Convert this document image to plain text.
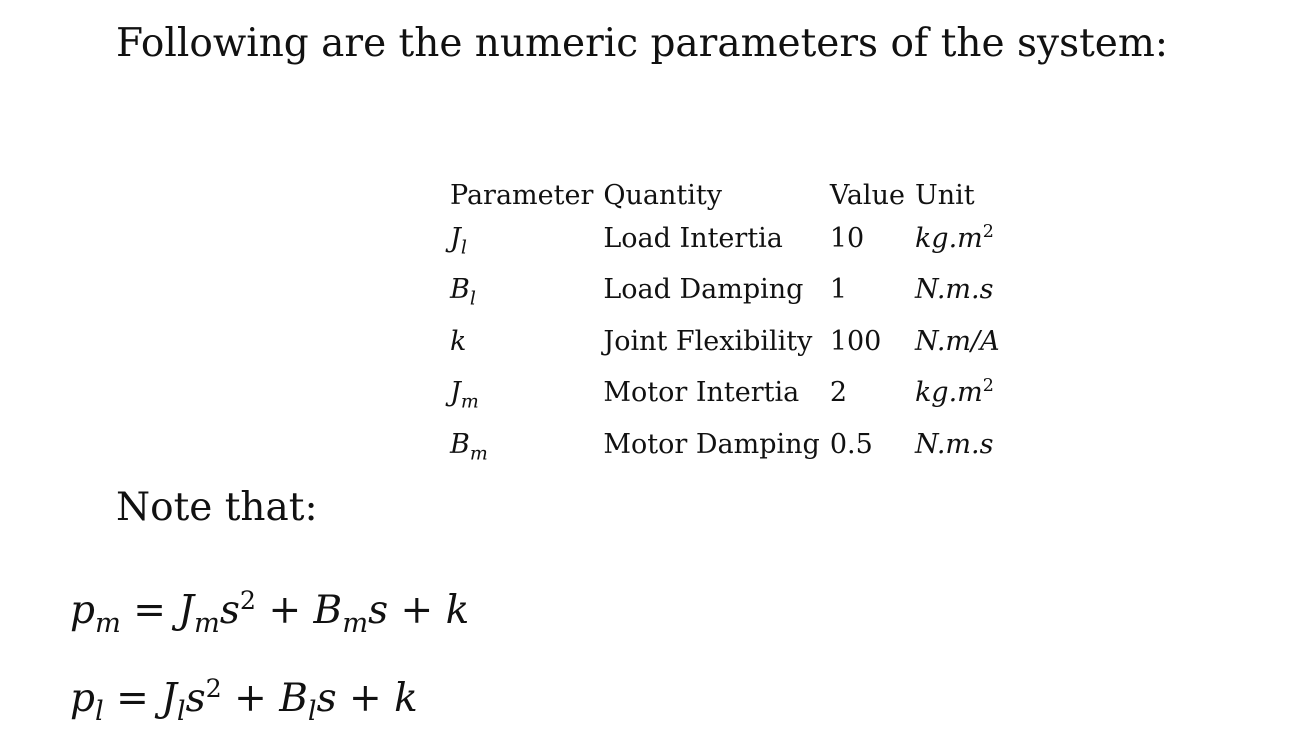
Following are the numeric parameters of the system:
Parameter	Quantity	Value	Unit
$J_l$	Load Intertia	10	$kg.m^2$
$B_l$	Load Damping	1	N.m.s
k	Joint Flexibility	100	N.m/A
$J_m$	Motor Intertia	2	$kg.m^2$
$B_m$	Motor Damping	0.5	N.m.s
Note that:
$p_m = J_ms^2 + B_ms + k$
$p_l = J_ls^2 + B_ls + k$
